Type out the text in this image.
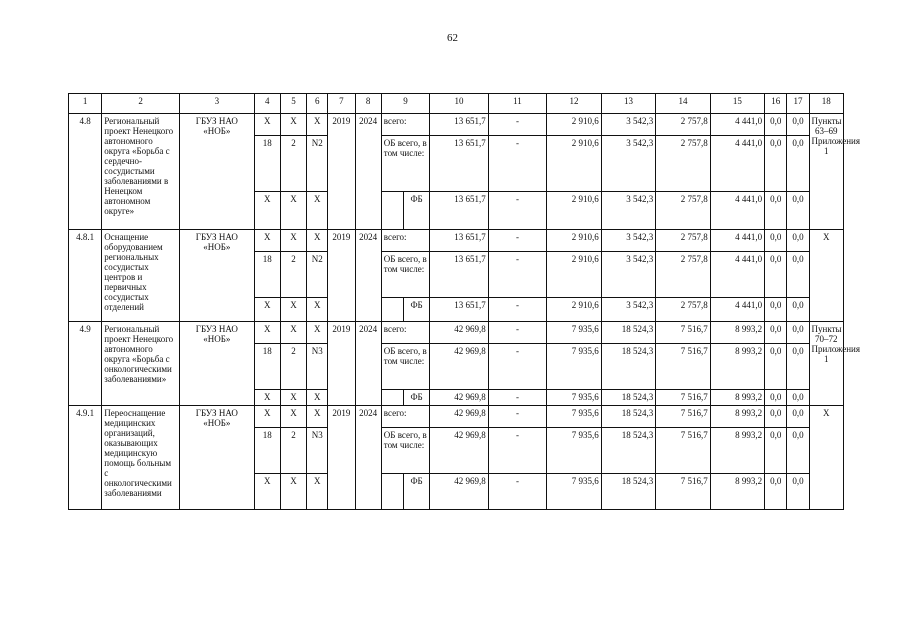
62
1	2	3	4	5	6	7	8	9		10	11	12	13	14	15	16	17	18
4.8	Региональный проект Ненецкого автономного округа «Борьба с сердечно-сосудистыми заболеваниями в Ненецком автономном округе»	ГБУЗ НАО «НОБ»	Х	Х	Х	2019	2024	всего:		13 651,7	-	2 910,6	3 542,3	2 757,8	4 441,0	0,0	0,0	Пункты 63–69 Приложения 1
			18	2	N2			ОБ всего, в том числе:		13 651,7	-	2 910,6	3 542,3	2 757,8	4 441,0	0,0	0,0	
			Х	Х	Х				ФБ	13 651,7	-	2 910,6	3 542,3	2 757,8	4 441,0	0,0	0,0	
4.8.1	Оснащение оборудованием региональных сосудистых центров и первичных сосудистых отделений	ГБУЗ НАО «НОБ»	Х	Х	Х	2019	2024	всего:		13 651,7	-	2 910,6	3 542,3	2 757,8	4 441,0	0,0	0,0	Х
			18	2	N2			ОБ всего, в том числе:		13 651,7	-	2 910,6	3 542,3	2 757,8	4 441,0	0,0	0,0	
			Х	Х	Х				ФБ	13 651,7	-	2 910,6	3 542,3	2 757,8	4 441,0	0,0	0,0	
4.9	Региональный проект Ненецкого автономного округа «Борьба с онкологическими заболеваниями»	ГБУЗ НАО «НОБ»	Х	Х	Х	2019	2024	всего:		42 969,8	-	7 935,6	18 524,3	7 516,7	8 993,2	0,0	0,0	Пункты 70–72 Приложения 1
			18	2	N3			ОБ всего, в том числе:		42 969,8	-	7 935,6	18 524,3	7 516,7	8 993,2	0,0	0,0	
			Х	Х	Х				ФБ	42 969,8	-	7 935,6	18 524,3	7 516,7	8 993,2	0,0	0,0	
4.9.1	Переоснащение медицинских организаций, оказывающих медицинскую помощь больным с онкологическими заболеваниями	ГБУЗ НАО «НОБ»	Х	Х	Х	2019	2024	всего:		42 969,8	-	7 935,6	18 524,3	7 516,7	8 993,2	0,0	0,0	Х
			18	2	N3			ОБ всего, в том числе:		42 969,8	-	7 935,6	18 524,3	7 516,7	8 993,2	0,0	0,0	
			Х	Х	Х				ФБ	42 969,8	-	7 935,6	18 524,3	7 516,7	8 993,2	0,0	0,0	
